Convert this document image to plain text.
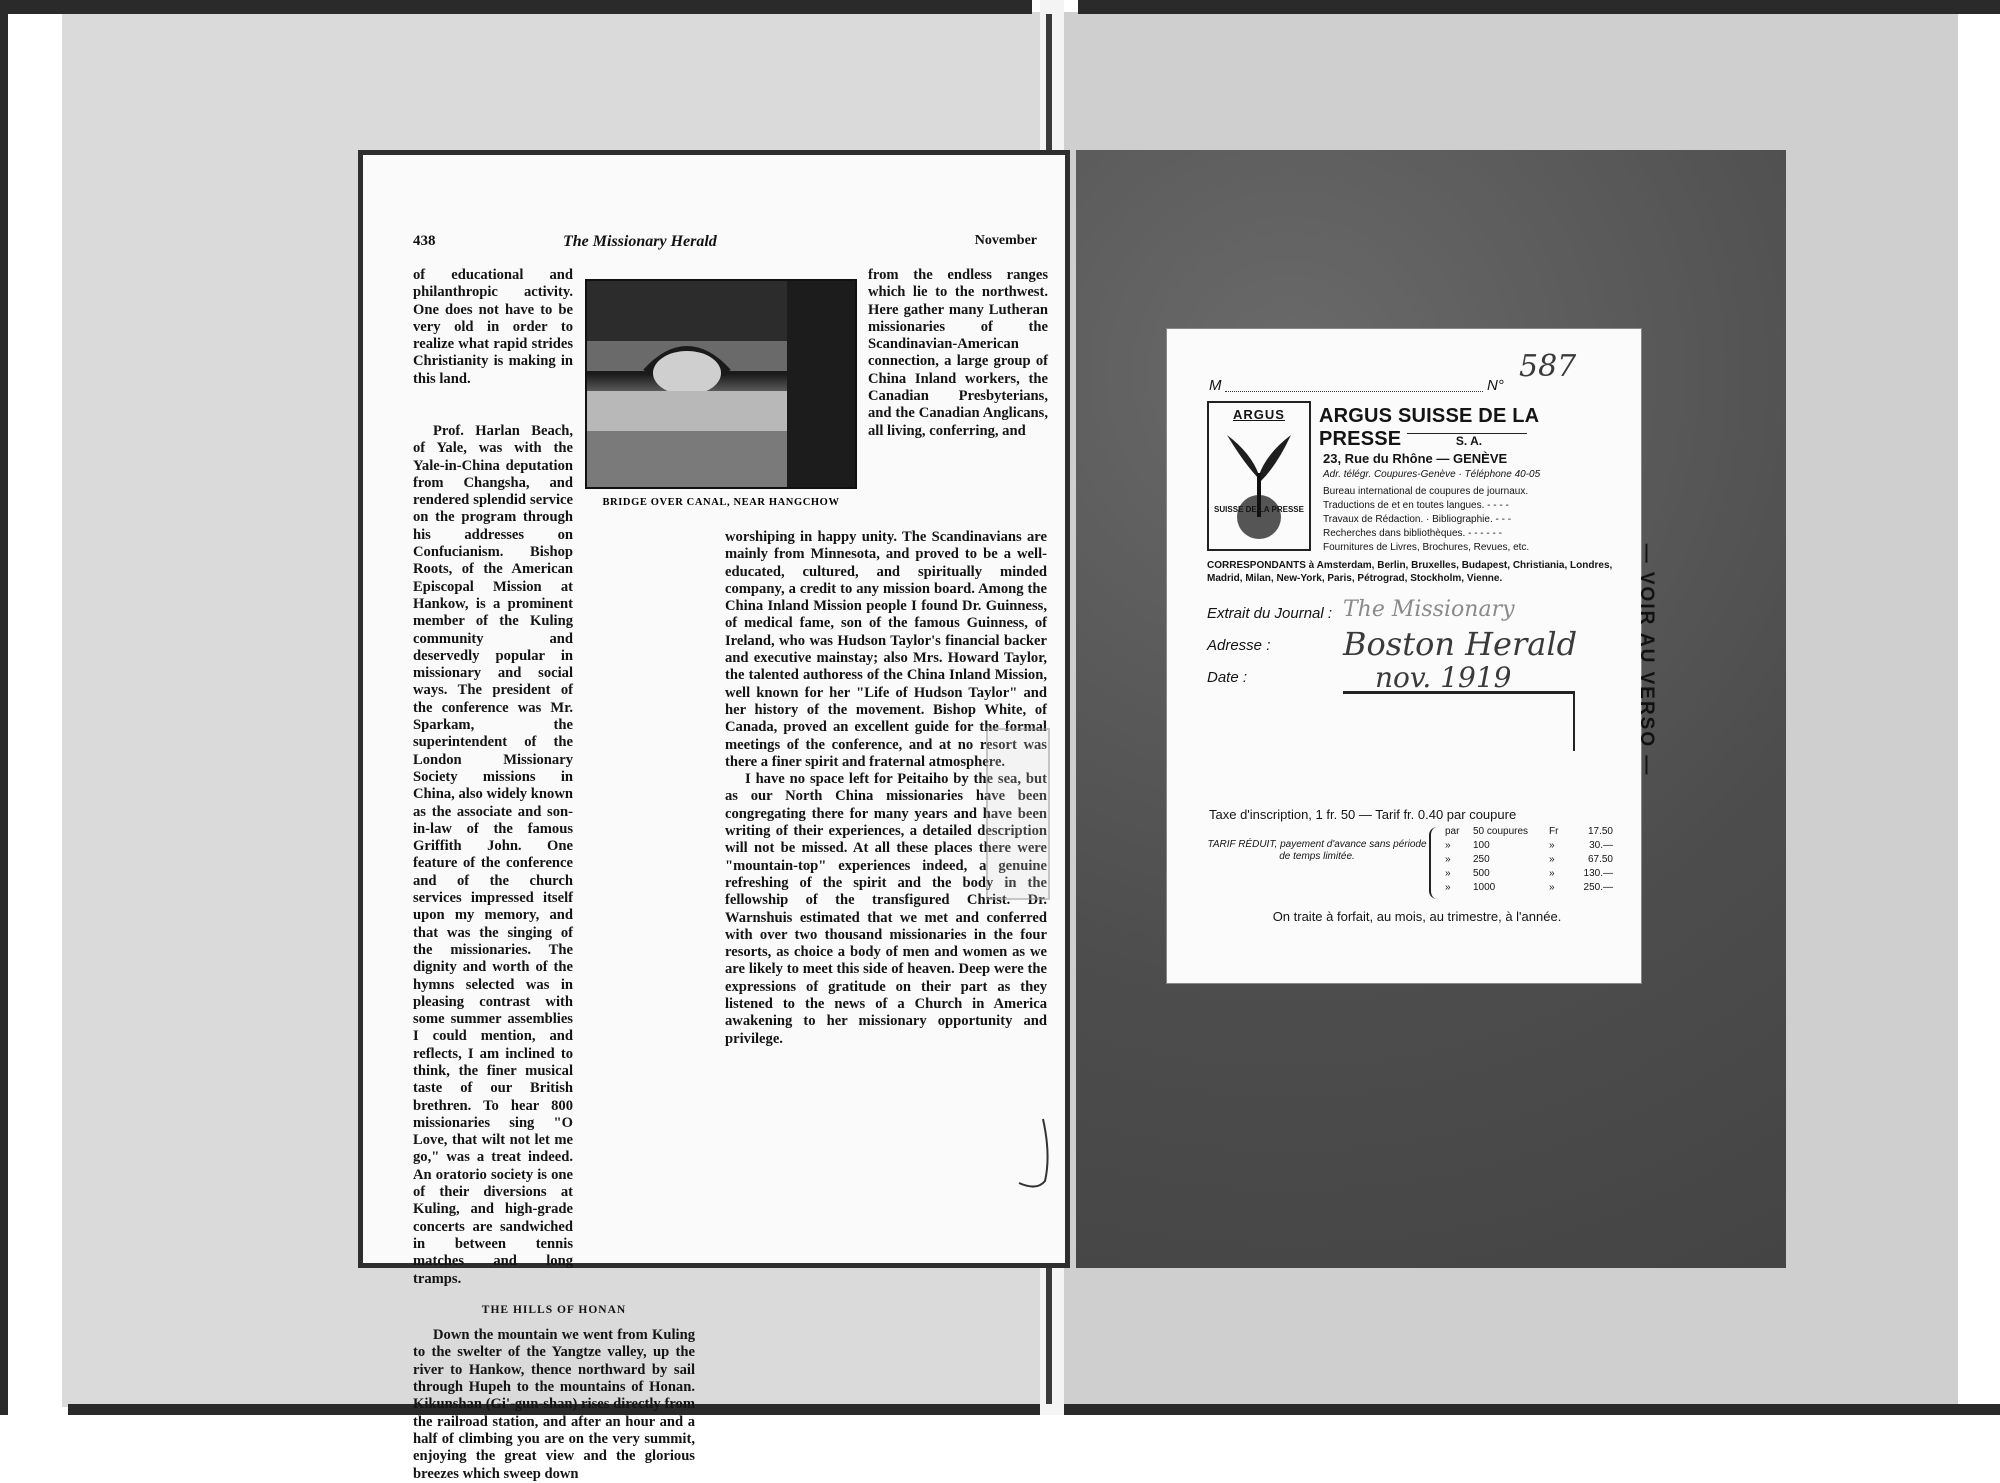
438	The Missionary Herald	November

of educational and philanthropic activity. One does not have to be very old in order to realize what rapid strides Christianity is making in this land.

BRIDGE OVER CANAL, NEAR HANGCHOW

Prof. Harlan Beach, of Yale, was with the Yale-in-China deputation from Changsha, and rendered splendid service on the program through his addresses on Confucianism. Bishop Roots, of the American Episcopal Mission at Hankow, is a prominent member of the Kuling community and deservedly popular in missionary and social ways. The president of the conference was Mr. Sparkam, the superintendent of the London Missionary Society missions in China, also widely known as the associate and son-in-law of the famous Griffith John. One feature of the conference and of the church services impressed itself upon my memory, and that was the singing of the missionaries. The dignity and worth of the hymns selected was in pleasing contrast with some summer assemblies I could mention, and reflects, I am inclined to think, the finer musical taste of our British brethren. To hear 800 missionaries sing "O Love, that wilt not let me go," was a treat indeed. An oratorio society is one of their diversions at Kuling, and high-grade concerts are sandwiched in between tennis matches and long tramps.

THE HILLS OF HONAN

Down the mountain we went from Kuling to the swelter of the Yangtze valley, up the river to Hankow, thence northward by sail through Hupeh to the mountains of Honan. Kikunshan (Gi'-gun-shan) rises directly from the railroad station, and after an hour and a half of climbing you are on the very summit, enjoying the great view and the glorious breezes which sweep down

from the endless ranges which lie to the northwest. Here gather many Lutheran missionaries of the Scandinavian-American connection, a large group of China Inland workers, the Canadian Presbyterians, and the Canadian Anglicans, all living, conferring, and

worshiping in happy unity. The Scandinavians are mainly from Minnesota, and proved to be a well-educated, cultured, and spiritually minded company, a credit to any mission board. Among the China Inland Mission people I found Dr. Guinness, of medical fame, son of the famous Guinness, of Ireland, who was Hudson Taylor's financial backer and executive mainstay; also Mrs. Howard Taylor, the talented authoress of the China Inland Mission, well known for her "Life of Hudson Taylor" and her history of the movement. Bishop White, of Canada, proved an excellent guide for the formal meetings of the conference, and at no resort was there a finer spirit and fraternal atmosphere.

I have no space left for Peitaiho by the sea, but as our North China missionaries have been congregating there for many years and have been writing of their experiences, a detailed description will not be missed. At all these places there were "mountain-top" experiences indeed, a genuine refreshing of the spirit and the body in the fellowship of the transfigured Christ. Dr. Warnshuis estimated that we met and conferred with over two thousand missionaries in the four resorts, as choice a body of men and women as we are likely to meet this side of heaven. Deep were the expressions of gratitude on their part as they listened to the news of a Church in America awakening to her missionary opportunity and privilege.

M	N°
587
ARGUS
SUISSE DE LA PRESSE
ARGUS SUISSE DE LA PRESSE	S. A.
23, Rue du Rhône — GENÈVE
Adr. télégr. Coupures-Genève · Téléphone 40-05
Bureau international de coupures de journaux.
Traductions de et en toutes langues. - - - -
Travaux de Rédaction. · Bibliographie. - - -
Recherches dans bibliothèques. - - - - - -
Fournitures de Livres, Brochures, Revues, etc.
CORRESPONDANTS à Amsterdam, Berlin, Bruxelles, Budapest, Christiania, Londres, Madrid, Milan, New-York, Paris, Pétrograd, Stockholm, Vienne.
Extrait du Journal : The Missionary
Adresse : Boston Herald
Date :	nov. 1919
Taxe d'inscription, 1 fr. 50 — Tarif fr. 0.40 par coupure
TARIF RÉDUIT, payement d'avance sans période de temps limitée.
par	50 coupures	Fr	17.50
»	100	»	30.—
»	250	»	67.50
»	500	»	130.—
»	1000	»	250.—
On traite à forfait, au mois, au trimestre, à l'année.
— VOIR AU VERSO —
